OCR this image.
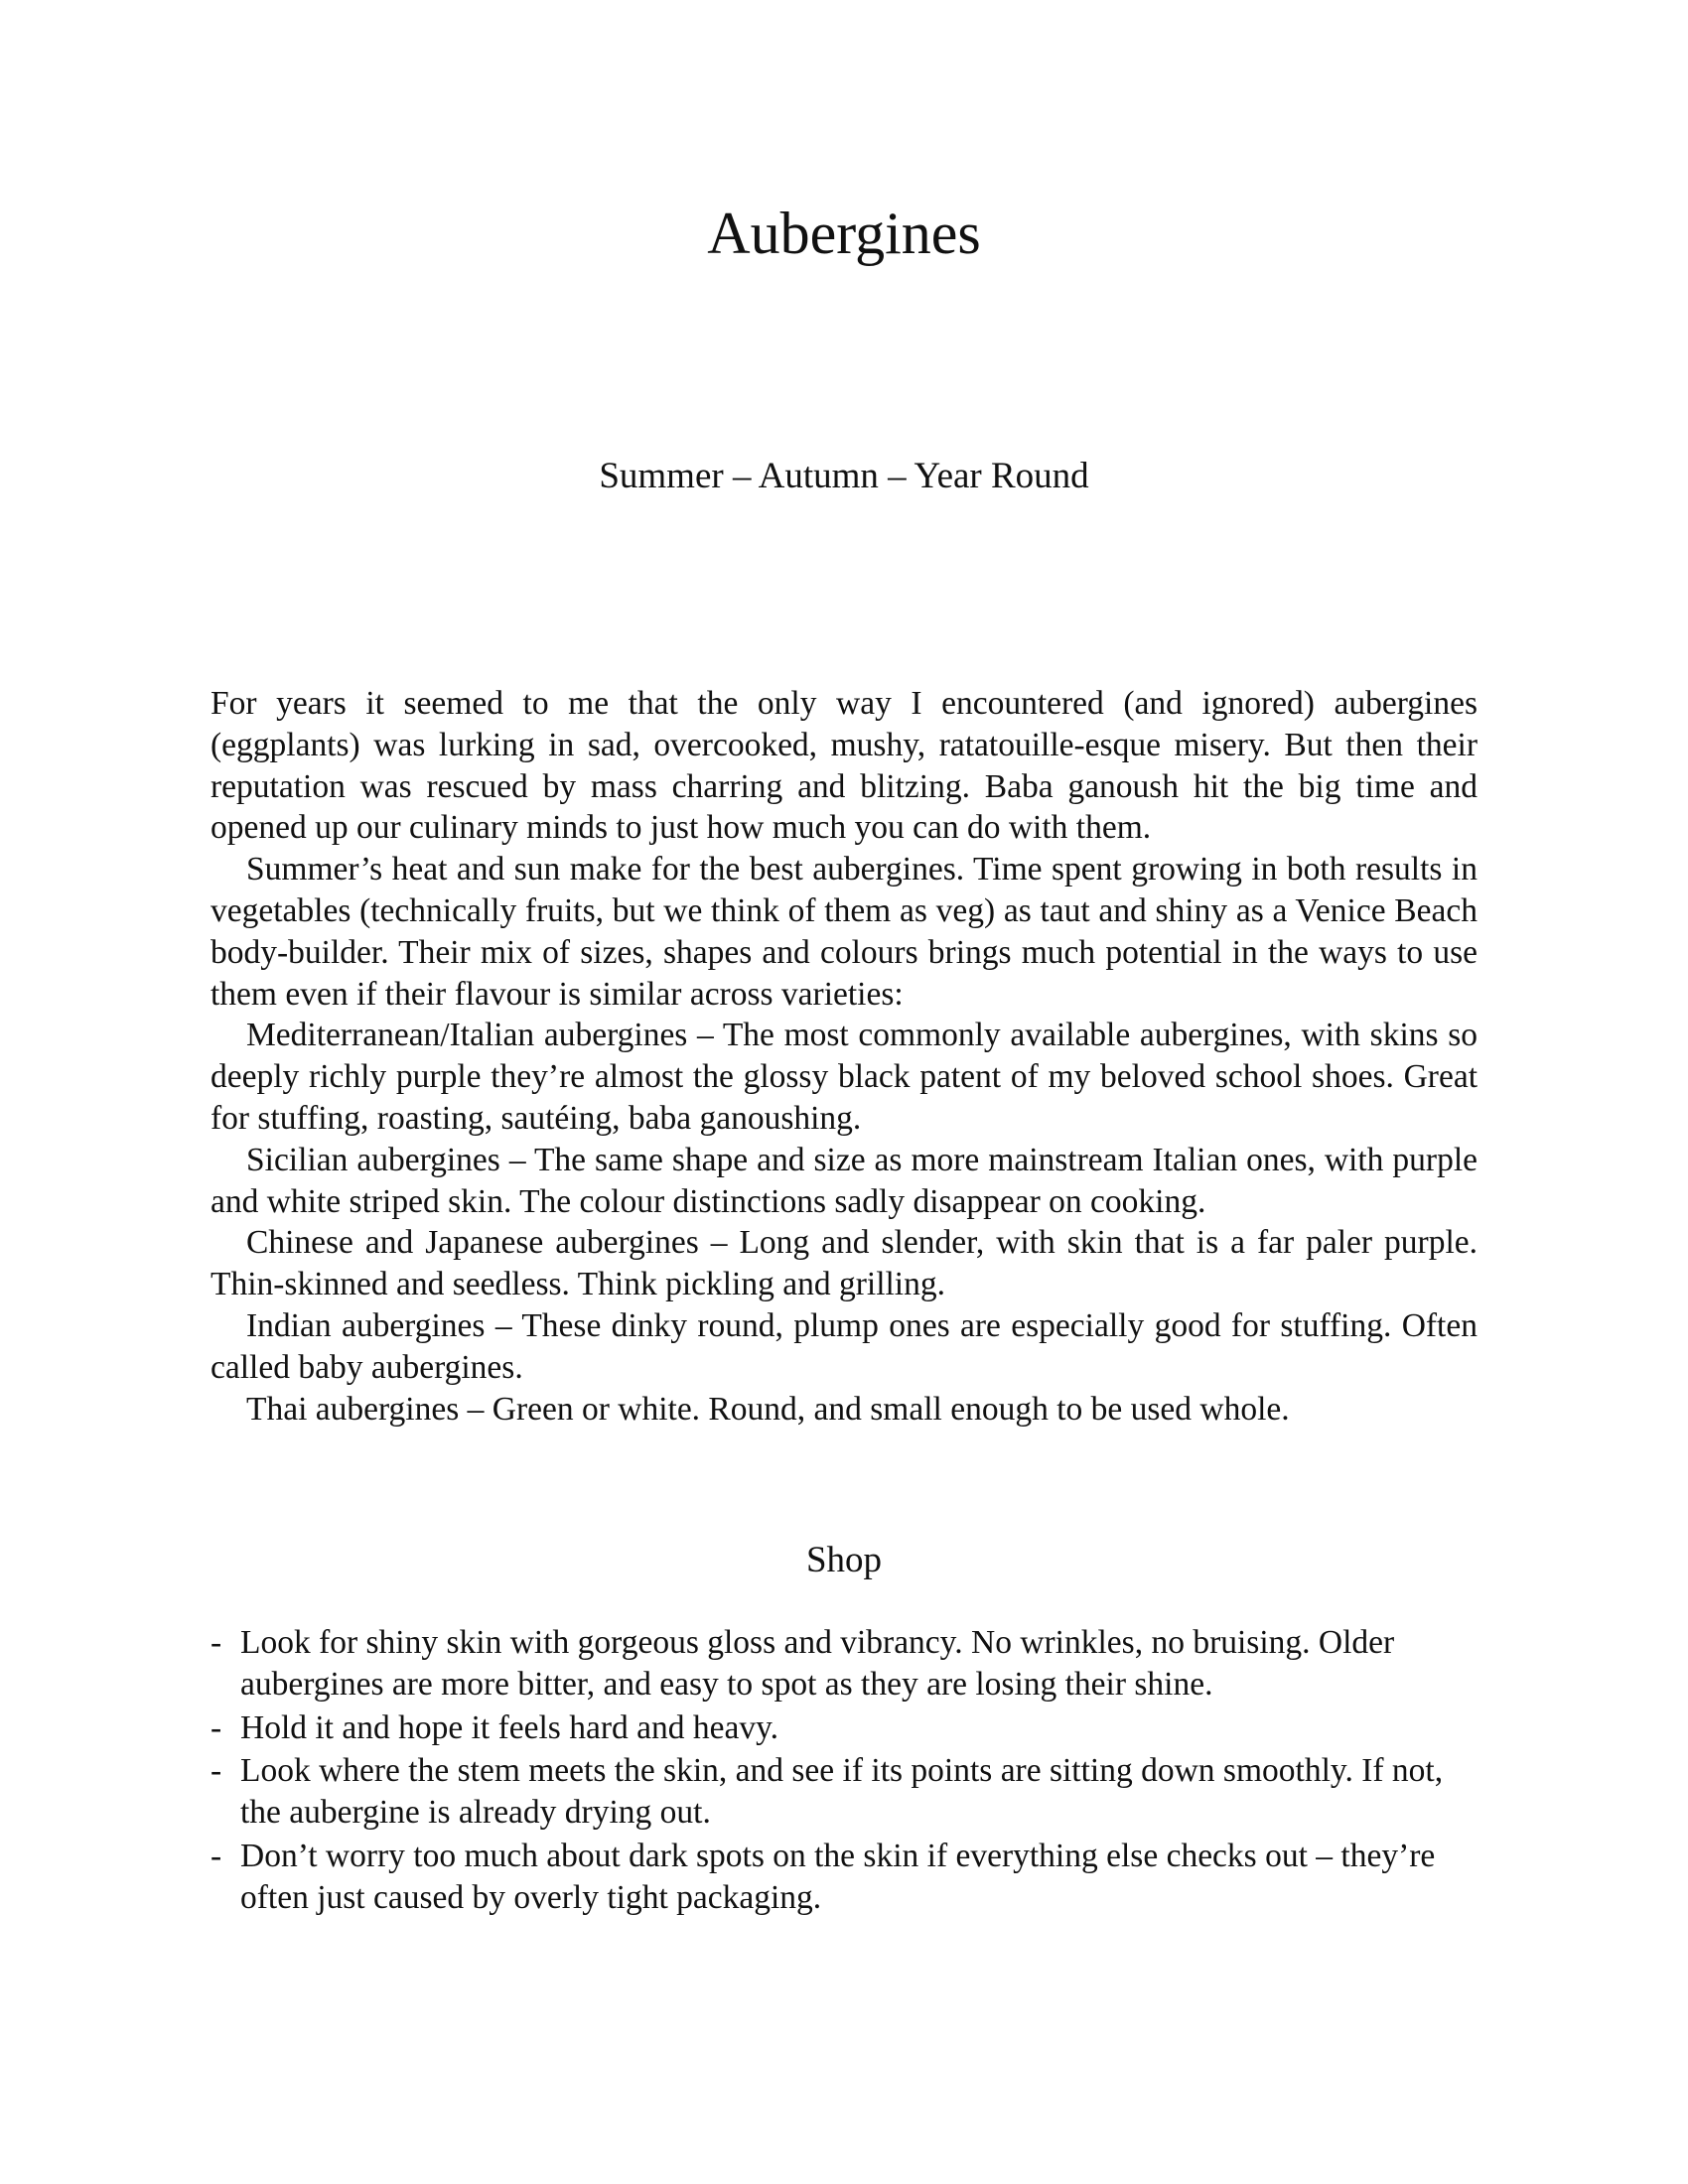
Aubergines
Summer – Autumn – Year Round

For years it seemed to me that the only way I encountered (and ignored) aubergines (eggplants) was lurking in sad, overcooked, mushy, ratatouille-esque misery. But then their reputation was rescued by mass charring and blitzing. Baba ganoush hit the big time and opened up our culinary minds to just how much you can do with them.

Summer’s heat and sun make for the best aubergines. Time spent growing in both results in vegetables (technically fruits, but we think of them as veg) as taut and shiny as a Venice Beach body-builder. Their mix of sizes, shapes and colours brings much potential in the ways to use them even if their flavour is similar across varieties:

Mediterranean/Italian aubergines – The most commonly available aubergines, with skins so deeply richly purple they’re almost the glossy black patent of my beloved school shoes. Great for stuffing, roasting, sautéing, baba ganoushing.

Sicilian aubergines – The same shape and size as more mainstream Italian ones, with purple and white striped skin. The colour distinctions sadly disappear on cooking.

Chinese and Japanese aubergines – Long and slender, with skin that is a far paler purple. Thin-skinned and seedless. Think pickling and grilling.

Indian aubergines – These dinky round, plump ones are especially good for stuffing. Often called baby aubergines.

Thai aubergines – Green or white. Round, and small enough to be used whole.

Shop
- Look for shiny skin with gorgeous gloss and vibrancy. No wrinkles, no bruising. Older aubergines are more bitter, and easy to spot as they are losing their shine.
- Hold it and hope it feels hard and heavy.
- Look where the stem meets the skin, and see if its points are sitting down smoothly. If not, the aubergine is already drying out.
- Don’t worry too much about dark spots on the skin if everything else checks out – they’re often just caused by overly tight packaging.
